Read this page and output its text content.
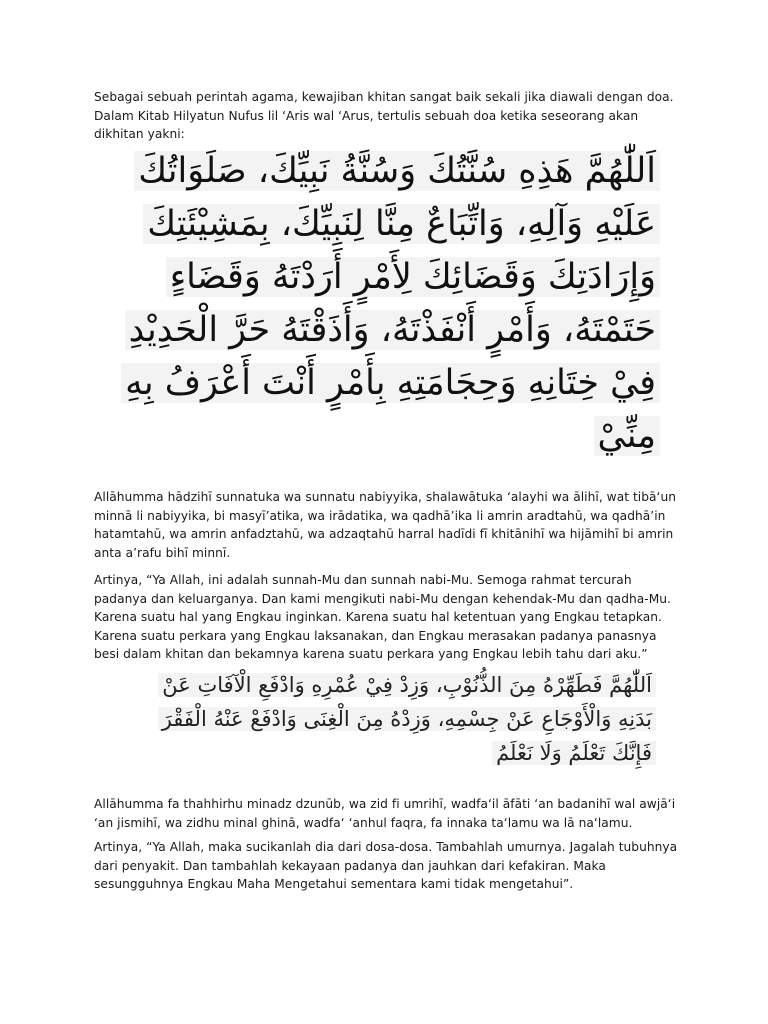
Sebagai sebuah perintah agama, kewajiban khitan sangat baik sekali jika diawali dengan doa. Dalam Kitab Hilyatun Nufus lil ‘Aris wal ‘Arus, tertulis sebuah doa ketika seseorang akan dikhitan yakni:

اَللّٰهُمَّ هَذِهِ سُنَّتُكَ وَسُنَّةُ نَبِيِّكَ، صَلَوَاتُكَ
عَلَيْهِ وَآلِهِ، وَاتِّبَاعٌ مِنَّا لِنَبِيِّكَ، بِمَشِيْئَتِكَ
وَإِرَادَتِكَ وَقَضَائِكَ لِأَمْرٍ أَرَدْتَهُ وَقَضَاءٍ
حَتَمْتَهُ، وَأَمْرٍ أَنْفَذْتَهُ، وَأَذَقْتَهُ حَرَّ الْحَدِيْدِ
فِيْ خِتَانِهِ وَحِجَامَتِهِ بِأَمْرٍ أَنْتَ أَعْرَفُ بِهِ
مِنِّيْ

Allāhumma hādzihī sunnatuka wa sunnatu nabiyyika, shalawātuka ‘alayhi wa ālihī, wat tibā‘un minnā li nabiyyika, bi masyī’atika, wa irādatika, wa qadhā’ika li amrin aradtahū, wa qadhā’in hatamtahū, wa amrin anfadztahū, wa adzaqtahū harral hadīdi fī khitānihī wa hijāmihī bi amrin anta a’rafu bihī minnī.

Artinya, “Ya Allah, ini adalah sunnah-Mu dan sunnah nabi-Mu. Semoga rahmat tercurah padanya dan keluarganya. Dan kami mengikuti nabi-Mu dengan kehendak-Mu dan qadha-Mu. Karena suatu hal yang Engkau inginkan. Karena suatu hal ketentuan yang Engkau tetapkan. Karena suatu perkara yang Engkau laksanakan, dan Engkau merasakan padanya panasnya besi dalam khitan dan bekamnya karena suatu perkara yang Engkau lebih tahu dari aku.”

اَللّٰهُمَّ فَطَهِّرْهُ مِنَ الذُّنُوْبِ، وَزِدْ فِيْ عُمْرِهِ وَادْفَعِ الْآفَاتِ عَنْ
بَدَنِهِ وَالْأَوْجَاعِ عَنْ جِسْمِهِ، وَزِدْهُ مِنَ الْغِنَى وَادْفَعْ عَنْهُ الْفَقْرَ
فَإِنَّكَ تَعْلَمُ وَلَا نَعْلَمُ

Allāhumma fa thahhirhu minadz dzunūb, wa zid fi umrihī, wadfa‘il āfāti ‘an badanihī wal awjā‘i ‘an jismihī, wa zidhu minal ghinā, wadfa‘ ‘anhul faqra, fa innaka ta‘lamu wa lā na‘lamu.

Artinya, “Ya Allah, maka sucikanlah dia dari dosa-dosa. Tambahlah umurnya. Jagalah tubuhnya dari penyakit. Dan tambahlah kekayaan padanya dan jauhkan dari kefakiran. Maka sesungguhnya Engkau Maha Mengetahui sementara kami tidak mengetahui”.
